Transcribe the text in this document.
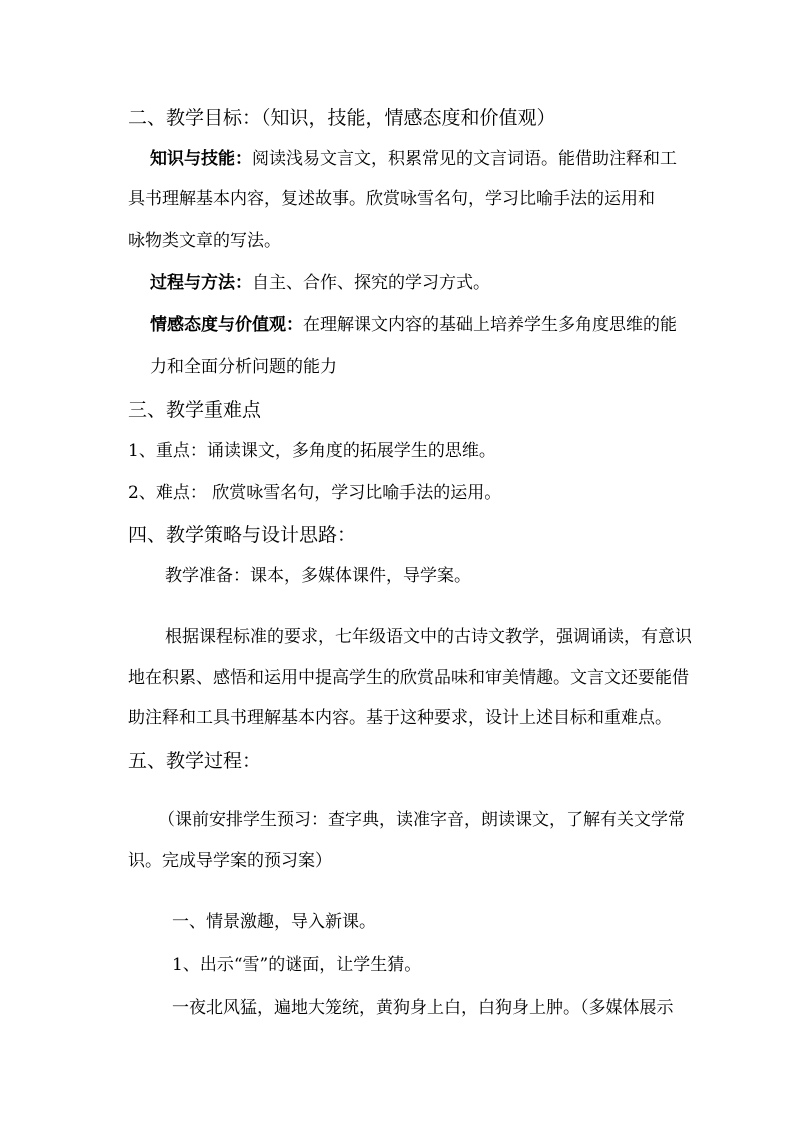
二、教学目标：（知识，技能，情感态度和价值观）
知识与技能：阅读浅易文言文，积累常见的文言词语。能借助注释和工
具书理解基本内容，复述故事。欣赏咏雪名句，学习比喻手法的运用和
咏物类文章的写法。
过程与方法：自主、合作、探究的学习方式。
情感态度与价值观：在理解课文内容的基础上培养学生多角度思维的能
力和全面分析问题的能力
三、教学重难点
1、重点：诵读课文，多角度的拓展学生的思维。
2、难点： 欣赏咏雪名句，学习比喻手法的运用。
四、教学策略与设计思路：
教学准备：课本，多媒体课件，导学案。
根据课程标准的要求，七年级语文中的古诗文教学，强调诵读，有意识
地在积累、感悟和运用中提高学生的欣赏品味和审美情趣。文言文还要能借
助注释和工具书理解基本内容。基于这种要求，设计上述目标和重难点。
五、教学过程：
（课前安排学生预习：查字典，读准字音，朗读课文，了解有关文学常
识。完成导学案的预习案）
一、情景激趣，导入新课。
1、出示“雪”的谜面，让学生猜。
一夜北风猛，遍地大笼统，黄狗身上白，白狗身上肿。（多媒体展示
